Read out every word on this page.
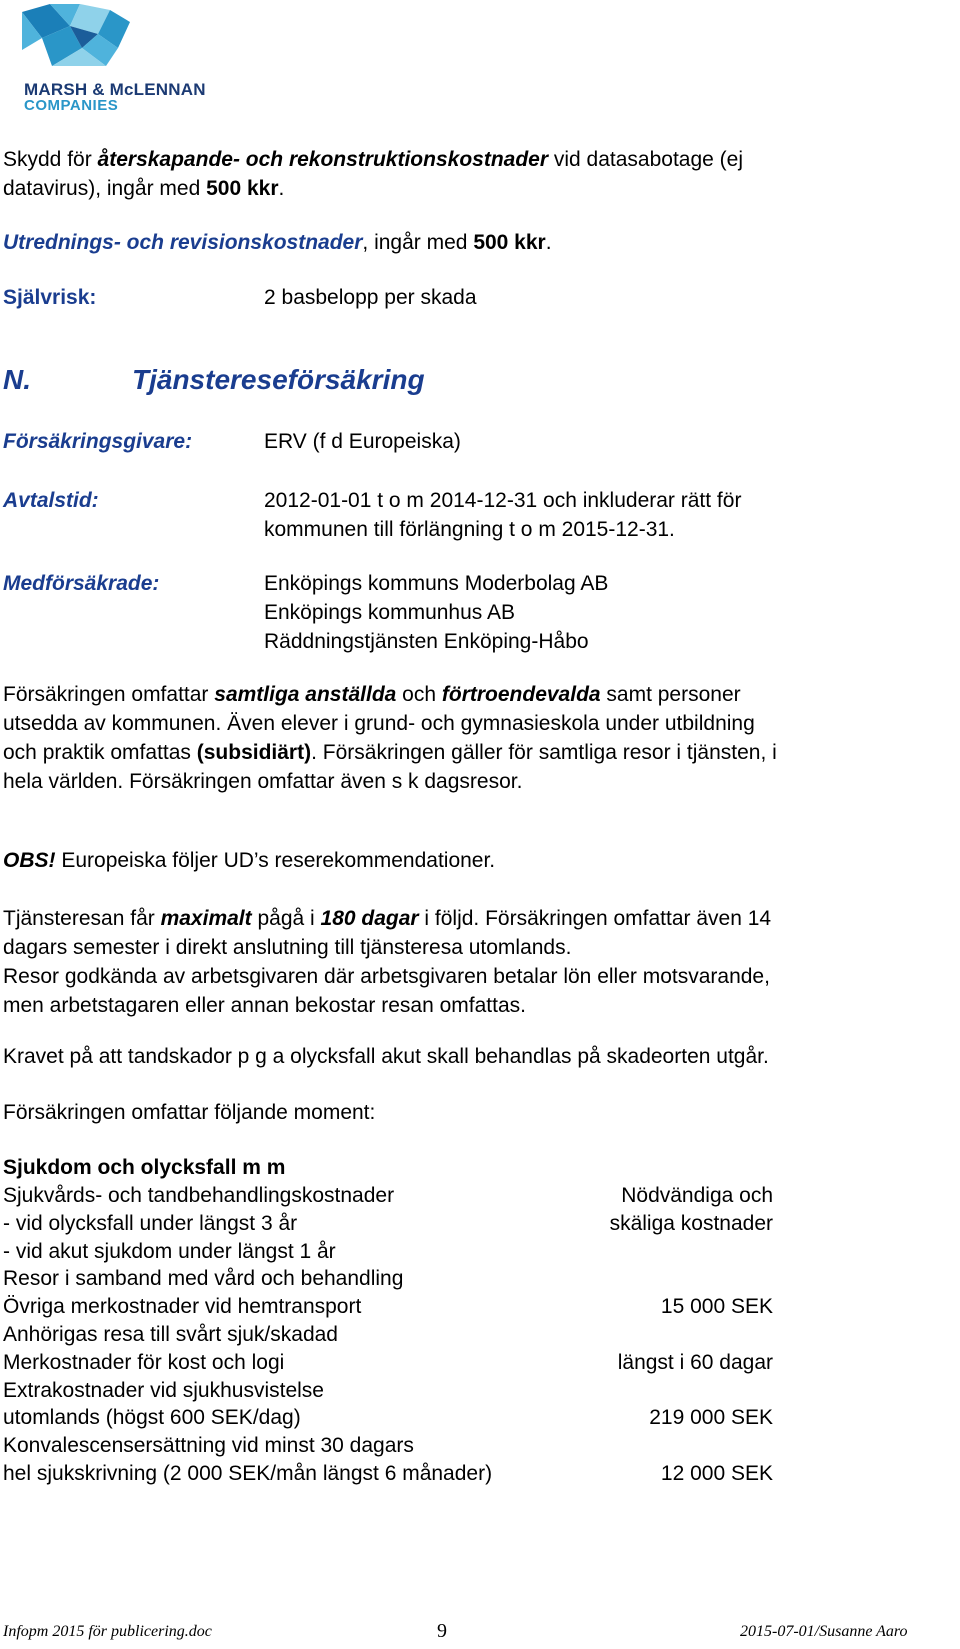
MARSH & McLENNAN
COMPANIES
Skydd för återskapande- och rekonstruktionskostnader vid datasabotage (ej
datavirus), ingår med 500 kkr.
Utrednings- och revisionskostnader, ingår med 500 kkr.
Självrisk:	2 basbelopp per skada
N.	Tjänstereseförsäkring
Försäkringsgivare:	ERV (f d Europeiska)
Avtalstid:	2012-01-01 t o m 2014-12-31 och inkluderar rätt för
kommunen till förlängning t o m 2015-12-31.
Medförsäkrade:	Enköpings kommuns Moderbolag AB
Enköpings kommunhus AB
Räddningstjänsten Enköping-Håbo
Försäkringen omfattar samtliga anställda och förtroendevalda samt personer
utsedda av kommunen. Även elever i grund- och gymnasieskola under utbildning
och praktik omfattas (subsidiärt). Försäkringen gäller för samtliga resor i tjänsten, i
hela världen. Försäkringen omfattar även s k dagsresor.
OBS! Europeiska följer UD’s reserekommendationer.
Tjänsteresan får maximalt pågå i 180 dagar i följd. Försäkringen omfattar även 14
dagars semester i direkt anslutning till tjänsteresa utomlands.
Resor godkända av arbetsgivaren där arbetsgivaren betalar lön eller motsvarande,
men arbetstagaren eller annan bekostar resan omfattas.
Kravet på att tandskador p g a olycksfall akut skall behandlas på skadeorten utgår.
Försäkringen omfattar följande moment:
Sjukdom och olycksfall m m
Sjukvårds- och tandbehandlingskostnader	Nödvändiga och
- vid olycksfall under längst 3 år	skäliga kostnader
- vid akut sjukdom under längst 1 år
Resor i samband med vård och behandling
Övriga merkostnader vid hemtransport	15 000 SEK
Anhörigas resa till svårt sjuk/skadad
Merkostnader för kost och logi	längst i 60 dagar
Extrakostnader vid sjukhusvistelse
utomlands (högst 600 SEK/dag)	219 000 SEK
Konvalescensersättning vid minst 30 dagars
hel sjukskrivning (2 000 SEK/mån längst 6 månader)	12 000 SEK
Infopm 2015 för publicering.doc	9	2015-07-01/Susanne Aaro
